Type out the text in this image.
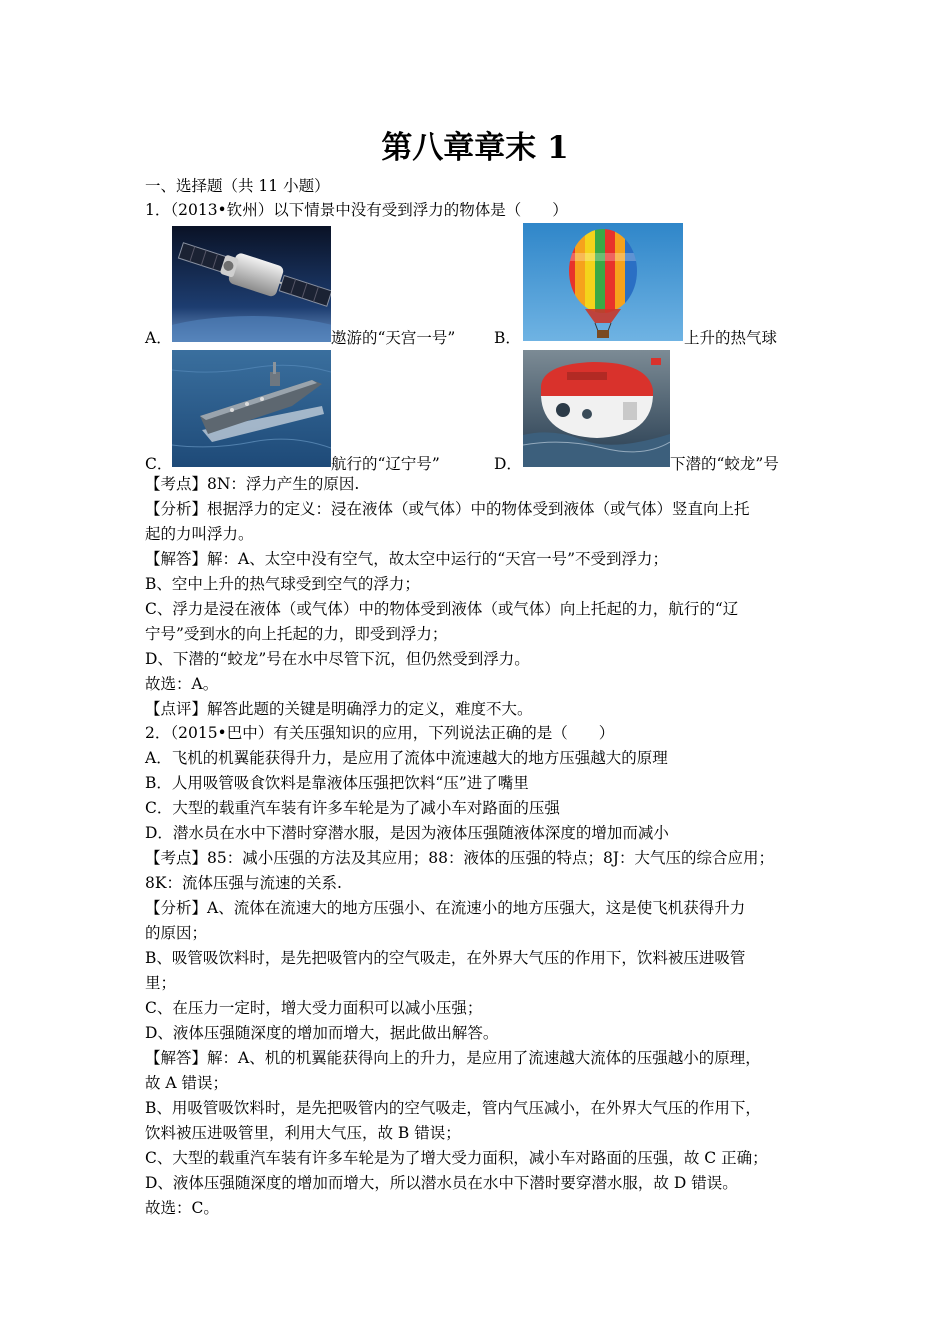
第八章章末 1
一、选择题（共 11 小题）
1．（2013•钦州）以下情景中没有受到浮力的物体是（　　）
A．	遨游的“天宫一号” B．	上升的热气球
C．	航行的“辽宁号”	D．	下潜的“蛟龙”号
【考点】8N：浮力产生的原因.
【分析】根据浮力的定义：浸在液体（或气体）中的物体受到液体（或气体）竖直向上托
起的力叫浮力。
【解答】解：A、太空中没有空气，故太空中运行的“天宫一号”不受到浮力；
B、空中上升的热气球受到空气的浮力；
C、浮力是浸在液体（或气体）中的物体受到液体（或气体）向上托起的力，航行的“辽
宁号”受到水的向上托起的力，即受到浮力；
D、下潜的“蛟龙”号在水中尽管下沉，但仍然受到浮力。
故选：A。
【点评】解答此题的关键是明确浮力的定义，难度不大。
2．（2015•巴中）有关压强知识的应用，下列说法正确的是（　　）
A．飞机的机翼能获得升力，是应用了流体中流速越大的地方压强越大的原理
B．人用吸管吸食饮料是靠液体压强把饮料“压”进了嘴里
C．大型的载重汽车装有许多车轮是为了减小车对路面的压强
D．潜水员在水中下潜时穿潜水服，是因为液体压强随液体深度的增加而减小
【考点】85：减小压强的方法及其应用；88：液体的压强的特点；8J：大气压的综合应用；
8K：流体压强与流速的关系.
【分析】A、流体在流速大的地方压强小、在流速小的地方压强大，这是使飞机获得升力
的原因；
B、吸管吸饮料时，是先把吸管内的空气吸走，在外界大气压的作用下，饮料被压进吸管
里；
C、在压力一定时，增大受力面积可以减小压强；
D、液体压强随深度的增加而增大，据此做出解答。
【解答】解：A、机的机翼能获得向上的升力，是应用了流速越大流体的压强越小的原理，
故 A 错误；
B、用吸管吸饮料时，是先把吸管内的空气吸走，管内气压减小，在外界大气压的作用下，
饮料被压进吸管里，利用大气压，故 B 错误；
C、大型的载重汽车装有许多车轮是为了增大受力面积，减小车对路面的压强，故 C 正确；
D、液体压强随深度的增加而增大，所以潜水员在水中下潜时要穿潜水服，故 D 错误。
故选：C。
